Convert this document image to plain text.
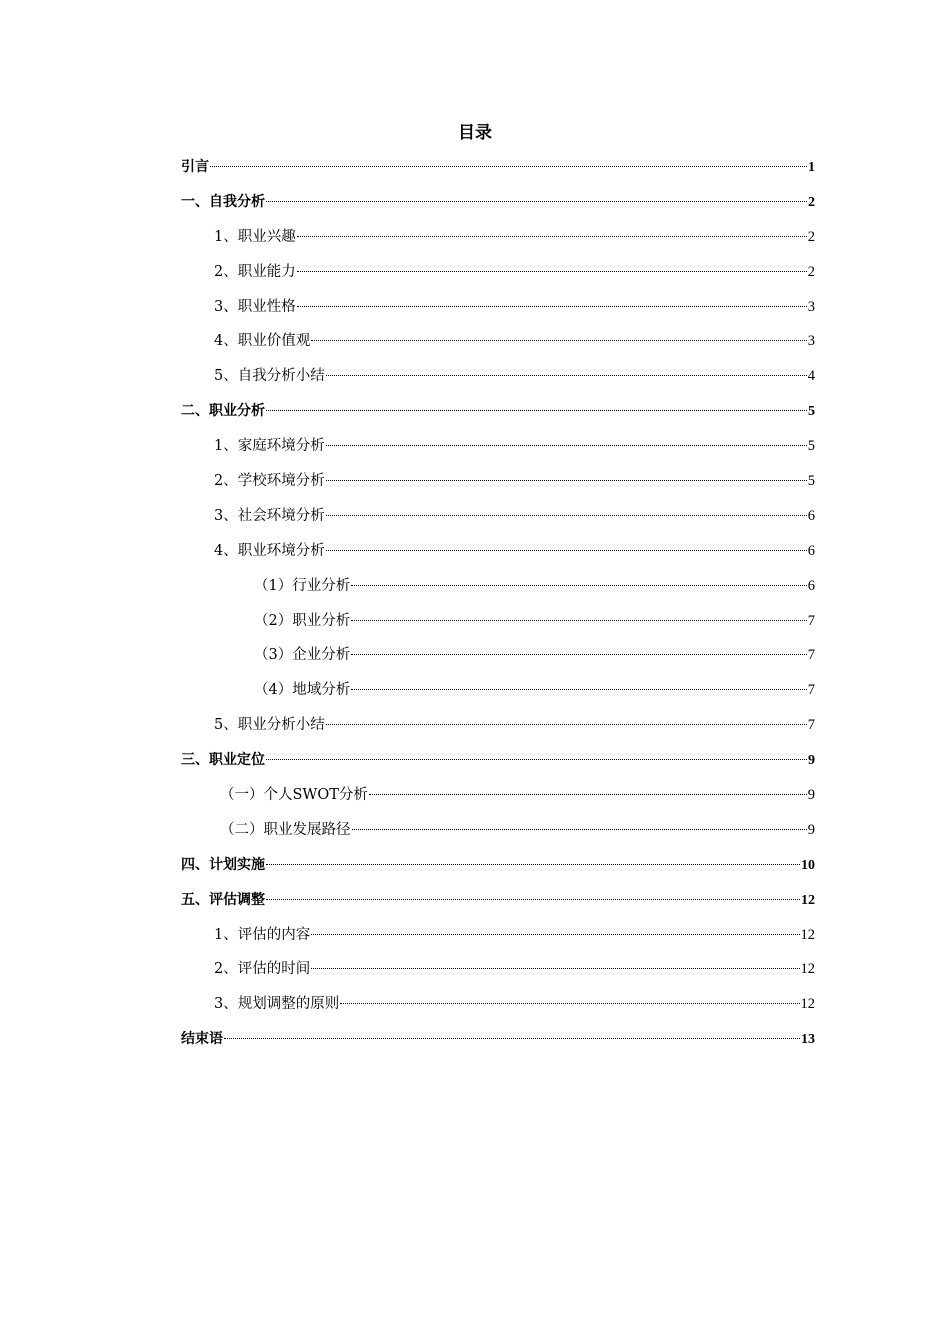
目录
引言	1
一、自我分析	2
1、职业兴趣	2
2、职业能力	2
3、职业性格	3
4、职业价值观	3
5、自我分析小结	4
二、职业分析	5
1、家庭环境分析	5
2、学校环境分析	5
3、社会环境分析	6
4、职业环境分析	6
（1）行业分析	6
（2）职业分析	7
（3）企业分析	7
（4）地域分析	7
5、职业分析小结	7
三、职业定位	9
（一）个人SWOT分析	9
（二）职业发展路径	9
四、计划实施	10
五、评估调整	12
1、评估的内容	12
2、评估的时间	12
3、规划调整的原则	12
结束语	13
